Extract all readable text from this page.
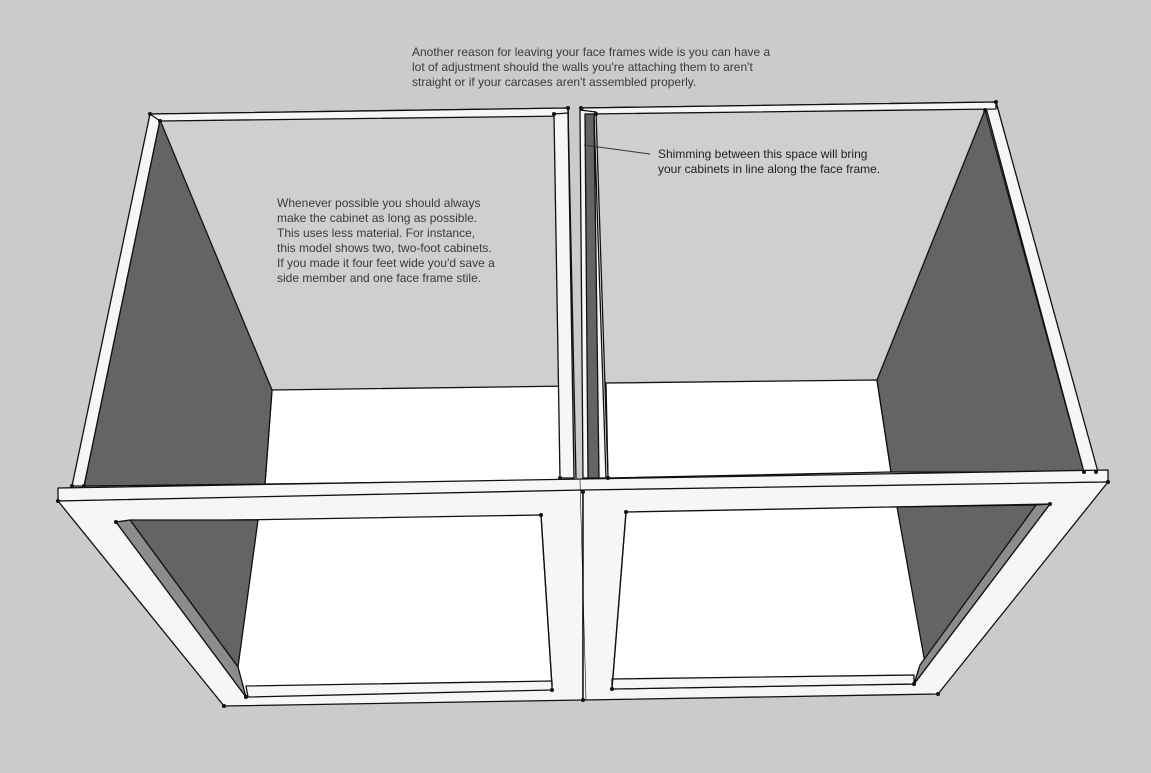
Another reason for leaving your face frames wide is you can have a
lot of adjustment should the walls you're attaching them to aren't
straight or if your carcases aren't assembled properly.
Whenever possible you should always
make the cabinet as long as possible.
This uses less material. For instance,
this model shows two, two-foot cabinets.
If you made it four feet wide you'd save a
side member and one face frame stile.
Shimming between this space will bring
your cabinets in line along the face frame.
